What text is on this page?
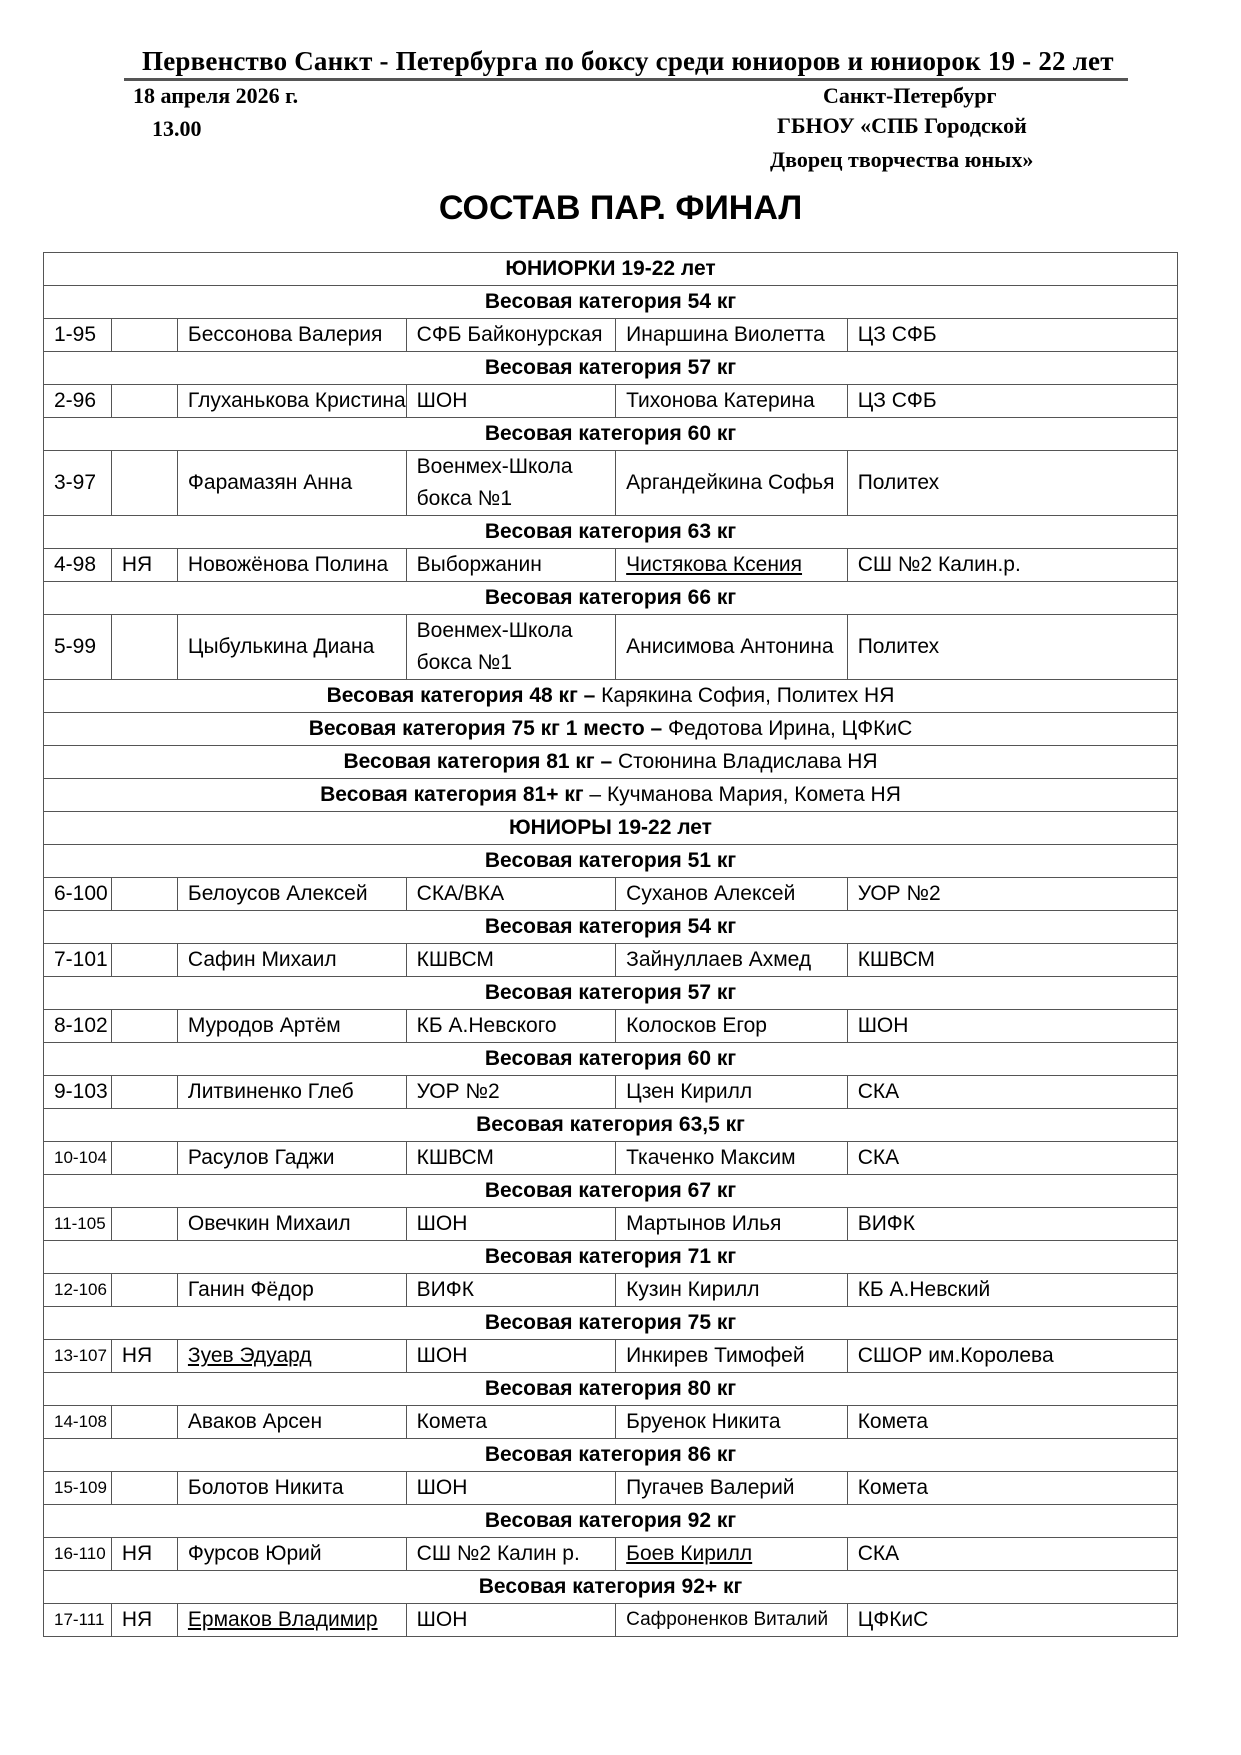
Первенство Санкт - Петербурга по боксу среди юниоров и юниорок 19 - 22 лет
18 апреля 2026 г.
13.00
Санкт-Петербург
ГБНОУ «СПБ Городской
Дворец творчества юных»
СОСТАВ ПАР. ФИНАЛ
ЮНИОРКИ 19-22 лет					
Весовая категория 54 кг					
1-95		Бессонова Валерия	СФБ Байконурская	Инаршина Виолетта	ЦЗ СФБ
Весовая категория 57 кг					
2-96		Глуханькова Кристина	ШОН	Тихонова Катерина	ЦЗ СФБ
Весовая категория 60 кг					
3-97		Фарамазян Анна	Военмех-Школа бокса №1	Аргандейкина Софья	Политех
Весовая категория 63 кг					
4-98	НЯ	Новожёнова Полина	Выборжанин	Чистякова Ксения	СШ №2 Калин.р.
Весовая категория 66 кг					
5-99		Цыбулькина Диана	Военмех-Школа бокса №1	Анисимова Антонина	Политех
Весовая категория 48 кг – Карякина София, Политех НЯ					
Весовая категория 75 кг 1 место – Федотова Ирина, ЦФКиС					
Весовая категория 81 кг – Стоюнина Владислава НЯ					
Весовая категория 81+ кг – Кучманова Мария, Комета НЯ					
ЮНИОРЫ 19-22 лет					
Весовая категория 51 кг					
6-100		Белоусов Алексей	СКА/ВКА	Суханов Алексей	УОР №2
Весовая категория 54 кг					
7-101		Сафин Михаил	КШВСМ	Зайнуллаев Ахмед	КШВСМ
Весовая категория 57 кг					
8-102		Муродов Артём	КБ А.Невского	Колосков Егор	ШОН
Весовая категория 60 кг					
9-103		Литвиненко Глеб	УОР №2	Цзен Кирилл	СКА
Весовая категория 63,5 кг					
10-104		Расулов Гаджи	КШВСМ	Ткаченко Максим	СКА
Весовая категория 67 кг					
11-105		Овечкин Михаил	ШОН	Мартынов Илья	ВИФК
Весовая категория 71 кг					
12-106		Ганин Фёдор	ВИФК	Кузин Кирилл	КБ А.Невский
Весовая категория 75 кг					
13-107	НЯ	Зуев Эдуард	ШОН	Инкирев Тимофей	СШОР им.Королева
Весовая категория 80 кг					
14-108		Аваков Арсен	Комета	Бруенок Никита	Комета
Весовая категория 86 кг					
15-109		Болотов Никита	ШОН	Пугачев Валерий	Комета
Весовая категория 92 кг					
16-110	НЯ	Фурсов Юрий	СШ №2 Калин р.	Боев Кирилл	СКА
Весовая категория 92+ кг					
17-111	НЯ	Ермаков Владимир	ШОН	Сафроненков Виталий	ЦФКиС
